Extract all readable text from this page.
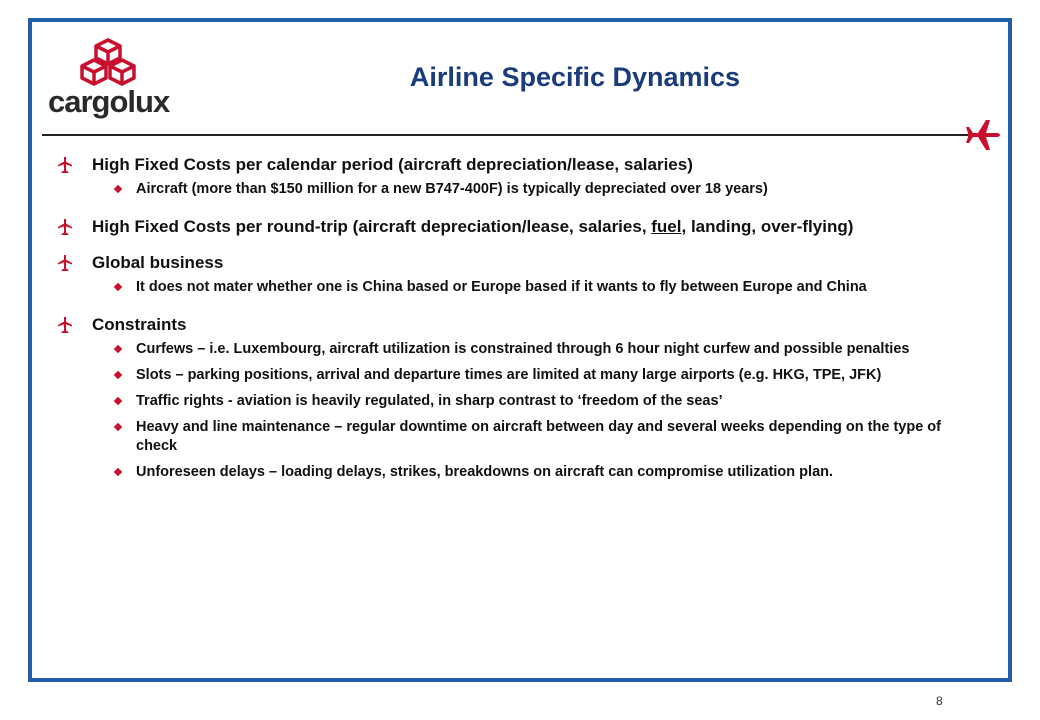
cargolux
Airline Specific Dynamics
High Fixed Costs per calendar period (aircraft depreciation/lease, salaries)
Aircraft (more than $150 million for a new B747-400F) is typically depreciated over 18 years)
High Fixed Costs per round-trip (aircraft depreciation/lease, salaries, fuel, landing, over-flying)
Global business
It does not mater whether one is China based or Europe based if it wants to fly between Europe and China
Constraints
Curfews – i.e. Luxembourg, aircraft utilization is constrained through 6 hour night curfew and possible penalties
Slots – parking positions, arrival and departure times are limited at many large airports (e.g. HKG, TPE, JFK)
Traffic rights - aviation is heavily regulated, in sharp contrast to ‘freedom of the seas’
Heavy and line maintenance – regular downtime on aircraft between day and several weeks depending on the type of check
Unforeseen delays – loading delays, strikes, breakdowns on aircraft can compromise utilization plan.
8
